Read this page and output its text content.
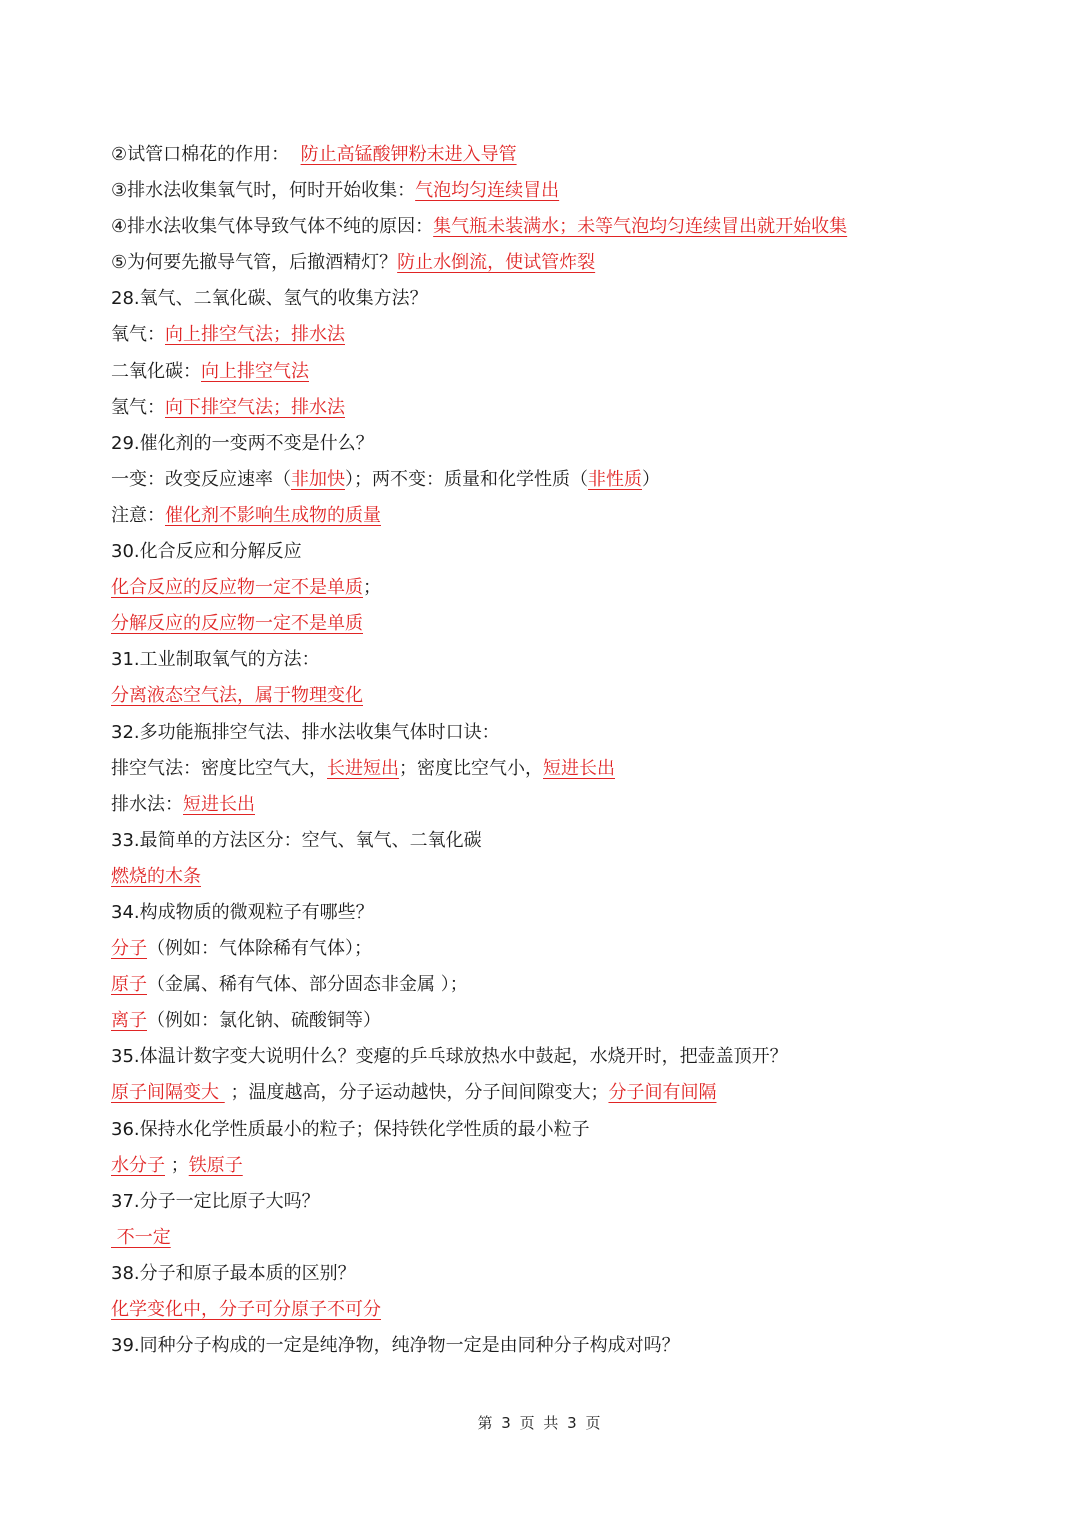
②试管口棉花的作用：  防止高锰酸钾粉末进入导管
③排水法收集氧气时，何时开始收集：气泡均匀连续冒出
④排水法收集气体导致气体不纯的原因：集气瓶未装满水；未等气泡均匀连续冒出就开始收集
⑤为何要先撤导气管，后撤酒精灯？防止水倒流，使试管炸裂
28.氧气、二氧化碳、氢气的收集方法？
氧气：向上排空气法；排水法
二氧化碳：向上排空气法
氢气：向下排空气法；排水法
29.催化剂的一变两不变是什么？
一变：改变反应速率（非加快）；两不变：质量和化学性质（非性质）
注意：催化剂不影响生成物的质量
30.化合反应和分解反应
化合反应的反应物一定不是单质；
分解反应的反应物一定不是单质
31.工业制取氧气的方法：
分离液态空气法，属于物理变化
32.多功能瓶排空气法、排水法收集气体时口诀：
排空气法：密度比空气大，长进短出；密度比空气小，短进长出
排水法：短进长出
33.最简单的方法区分：空气、氧气、二氧化碳
燃烧的木条
34.构成物质的微观粒子有哪些？
分子（例如：气体除稀有气体）；
原子（金属、稀有气体、部分固态非金属 ）；
离子（例如：氯化钠、硫酸铜等）
35.体温计数字变大说明什么？变瘪的乒乓球放热水中鼓起，水烧开时，把壶盖顶开？
原子间隔变大  ；温度越高，分子运动越快，分子间间隙变大；分子间有间隔
36.保持水化学性质最小的粒子；保持铁化学性质的最小粒子
水分子 ；铁原子
37.分子一定比原子大吗？
不一定
38.分子和原子最本质的区别？
化学变化中，分子可分原子不可分
39.同种分子构成的一定是纯净物，纯净物一定是由同种分子构成对吗？
第 3 页 共 3 页
